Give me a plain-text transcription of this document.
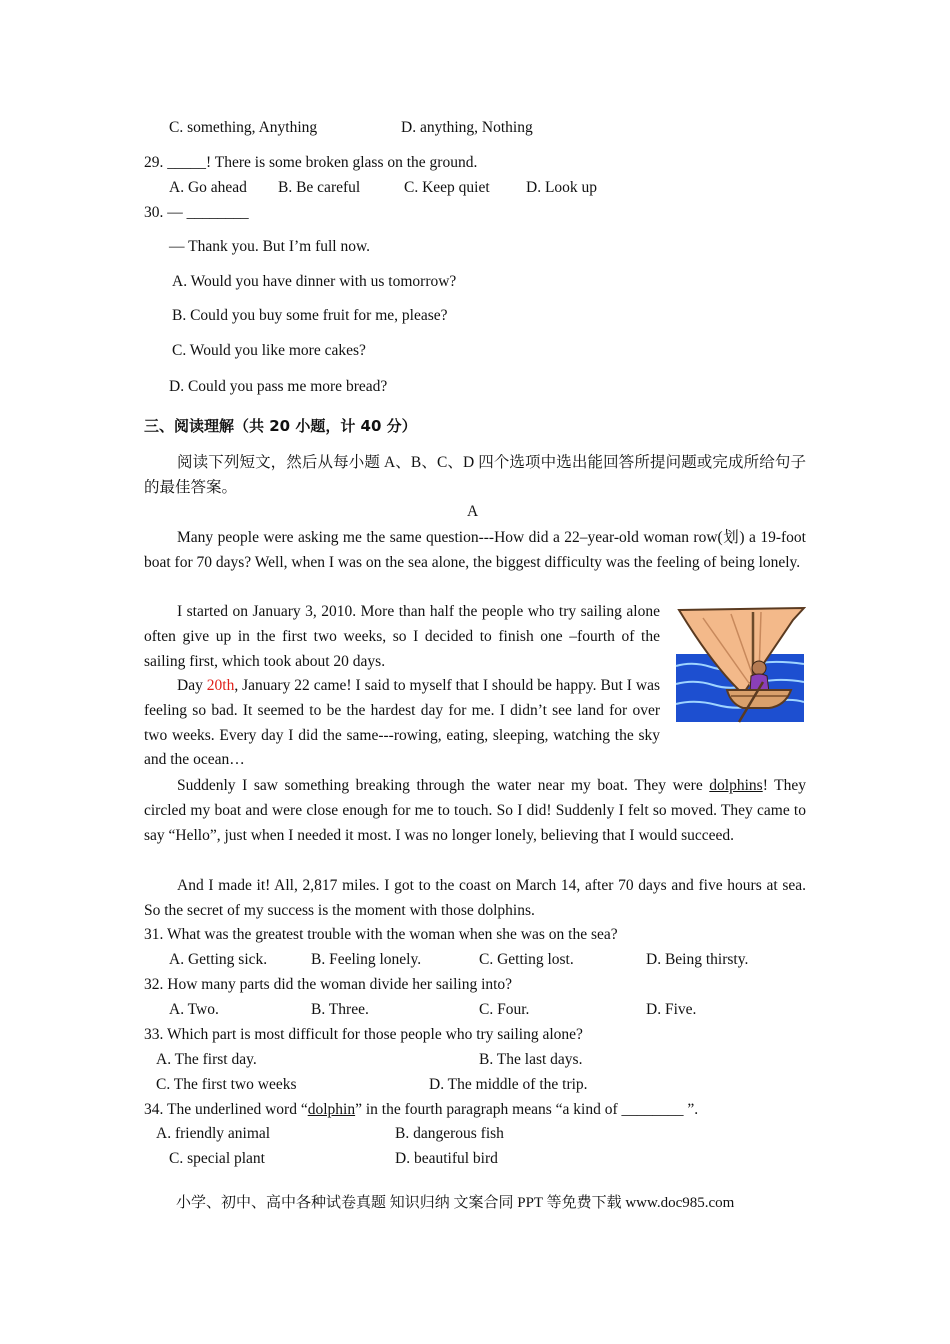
C. something, Anything	D. anything, Nothing
29. _____! There is some broken glass on the ground.
A. Go ahead B. Be careful	C. Keep quiet D. Look up
30. — ________
— Thank you. But I’m full now.
A. Would you have dinner with us tomorrow?
B. Could you buy some fruit for me, please?
C. Would you like more cakes?
D. Could you pass me more bread?
三、阅读理解（共 20 小题，计 40 分）
阅读下列短文，然后从每小题 A、B、C、D 四个选项中选出能回答所提问题或完成所给句子的最佳答案。
A
Many people were asking me the same question---How did a 22–year-old woman row(划) a 19-foot boat for 70 days? Well, when I was on the sea alone, the biggest difficulty was the feeling of being lonely.
I started on January 3, 2010. More than half the people who try sailing alone often give up in the first two weeks, so I decided to finish one –fourth of the sailing first, which took about 20 days.
Day 20th, January 22 came! I said to myself that I should be happy. But I was feeling so bad. It seemed to be the hardest day for me. I didn’t see land for over two weeks. Every day I did the same---rowing, eating, sleeping, watching the sky and the ocean…
Suddenly I saw something breaking through the water near my boat. They were dolphins! They circled my boat and were close enough for me to touch. So I did! Suddenly I felt so moved. They came to say “Hello”, just when I needed it most. I was no longer lonely, believing that I would succeed.
And I made it! All, 2,817 miles. I got to the coast on March 14, after 70 days and five hours at sea. So the secret of my success is the moment with those dolphins.
31. What was the greatest trouble with the woman when she was on the sea?
A. Getting sick.	B. Feeling lonely.	C. Getting lost.	D. Being thirsty.
32. How many parts did the woman divide her sailing into?
A. Two.	B. Three.	C. Four.	D. Five.
33. Which part is most difficult for those people who try sailing alone?
A. The first day.	B. The last days.
C. The first two weeks	D. The middle of the trip.
34. The underlined word “dolphin” in the fourth paragraph means “a kind of ________ ”.
A. friendly animal	B. dangerous fish
C. special plant	D. beautiful bird
小学、初中、高中各种试卷真题 知识归纳 文案合同 PPT 等免费下载 www.doc985.com
